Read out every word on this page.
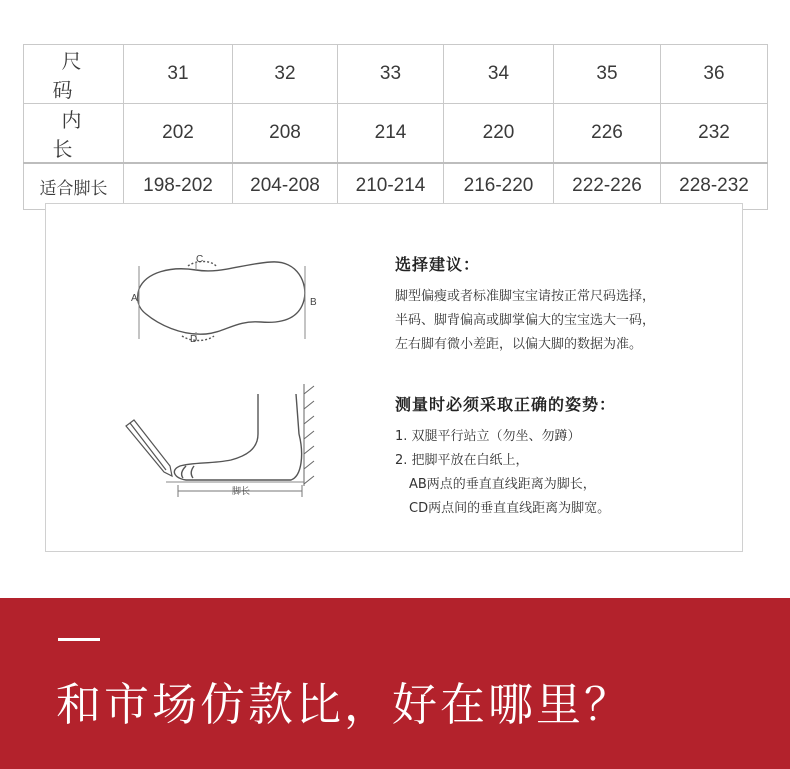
尺码	31	32	33	34	35	36
内长	202	208	214	220	226	232
适合脚长	198-202	204-208	210-214	216-220	222-226	228-232
A	B
C
D
脚长
选择建议：
脚型偏瘦或者标准脚宝宝请按正常尺码选择，
半码、脚背偏高或脚掌偏大的宝宝选大一码，
左右脚有微小差距，以偏大脚的数据为准。
测量时必须采取正确的姿势：
1. 双腿平行站立（勿坐、勿蹲）
2. 把脚平放在白纸上，
AB两点的垂直直线距离为脚长，
CD两点间的垂直直线距离为脚宽。
和市场仿款比，好在哪里？
